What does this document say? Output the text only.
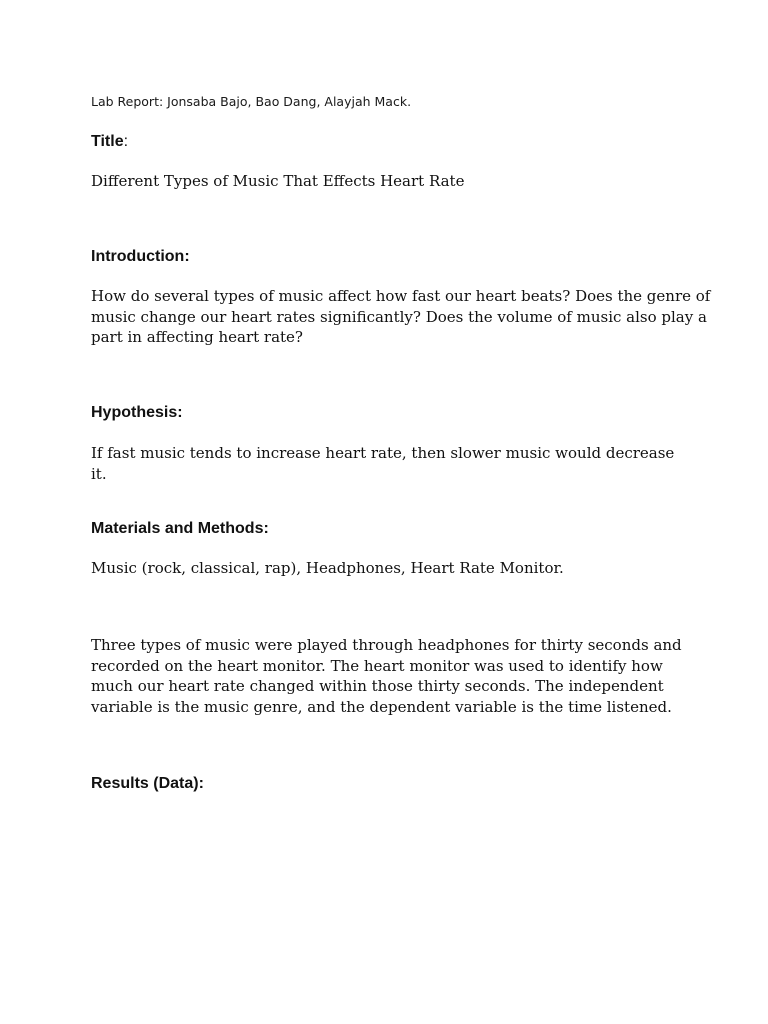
Lab Report: Jonsaba Bajo, Bao Dang, Alayjah Mack.
Title:
Different Types of Music That Effects Heart Rate
Introduction:
How do several types of music affect how fast our heart beats? Does the genre of
music change our heart rates significantly? Does the volume of music also play a
part in affecting heart rate?
Hypothesis:
If fast music tends to increase heart rate, then slower music would decrease it.
Materials and Methods:
Music (rock, classical, rap), Headphones, Heart Rate Monitor.
Three types of music were played through headphones for thirty seconds and
recorded on the heart monitor. The heart monitor was used to identify how
much our heart rate changed within those thirty seconds. The independent
variable is the music genre, and the dependent variable is the time listened.
Results (Data):
